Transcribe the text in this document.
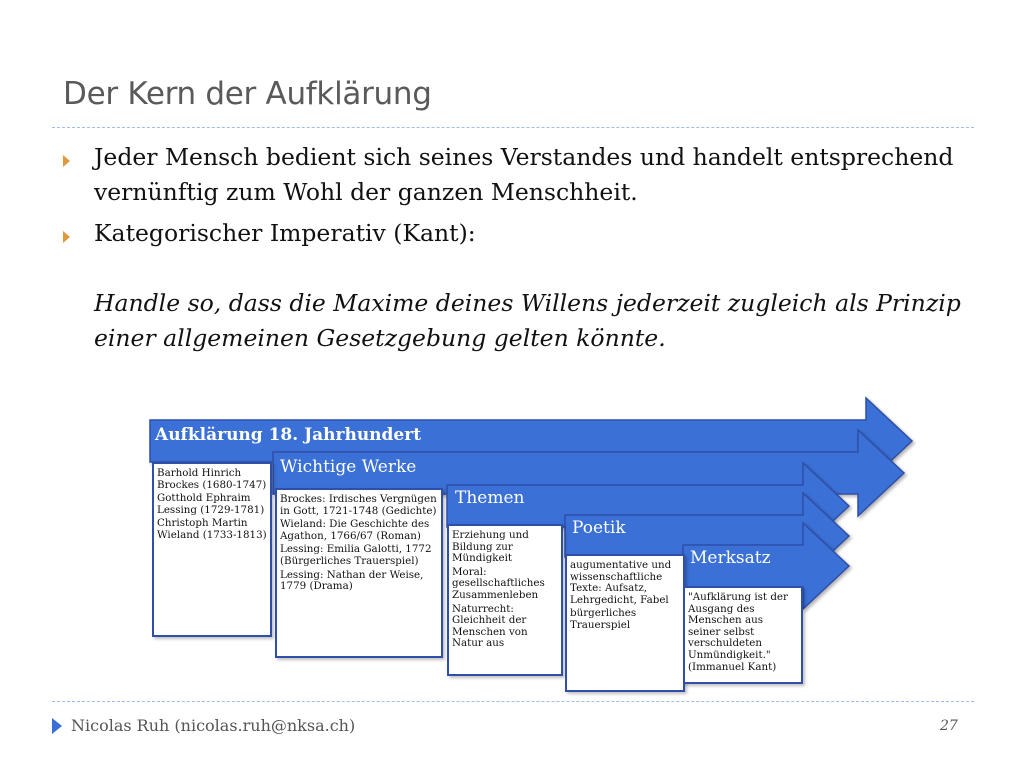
Der Kern der Aufklärung
Jeder Mensch bedient sich seines Verstandes und handelt entsprechend vernünftig zum Wohl der ganzen Menschheit.
Kategorischer Imperativ (Kant):
Handle so, dass die Maxime deines Willens jederzeit zugleich als Prinzip einer allgemeinen Gesetzgebung gelten könnte.
Aufklärung 18. Jahrhundert
Wichtige Werke
Themen
Poetik
Merksatz

Barhold Hinrich Brockes (1680-1747)

Gotthold Ephraim Lessing (1729-1781)

Christoph Martin Wieland (1733-1813)

Brockes: Irdisches Vergnügen in Gott, 1721-1748 (Gedichte)

Wieland: Die Geschichte des Agathon, 1766/67 (Roman)

Lessing: Emilia Galotti, 1772 (Bürgerliches Trauerspiel)

Lessing: Nathan der Weise, 1779 (Drama)

Erziehung und Bildung zur Mündigkeit

Moral: gesellschaftliches Zusammenleben

Naturrecht: Gleichheit der Menschen von Natur aus

augumentative und wissenschaftliche Texte: Aufsatz, Lehrgedicht, Fabel

bürgerliches Trauerspiel

"Aufklärung ist der Ausgang des Menschen aus seiner selbst verschuldeten Unmündigkeit." (Immanuel Kant)

Nicolas Ruh (nicolas.ruh@nksa.ch)	27
